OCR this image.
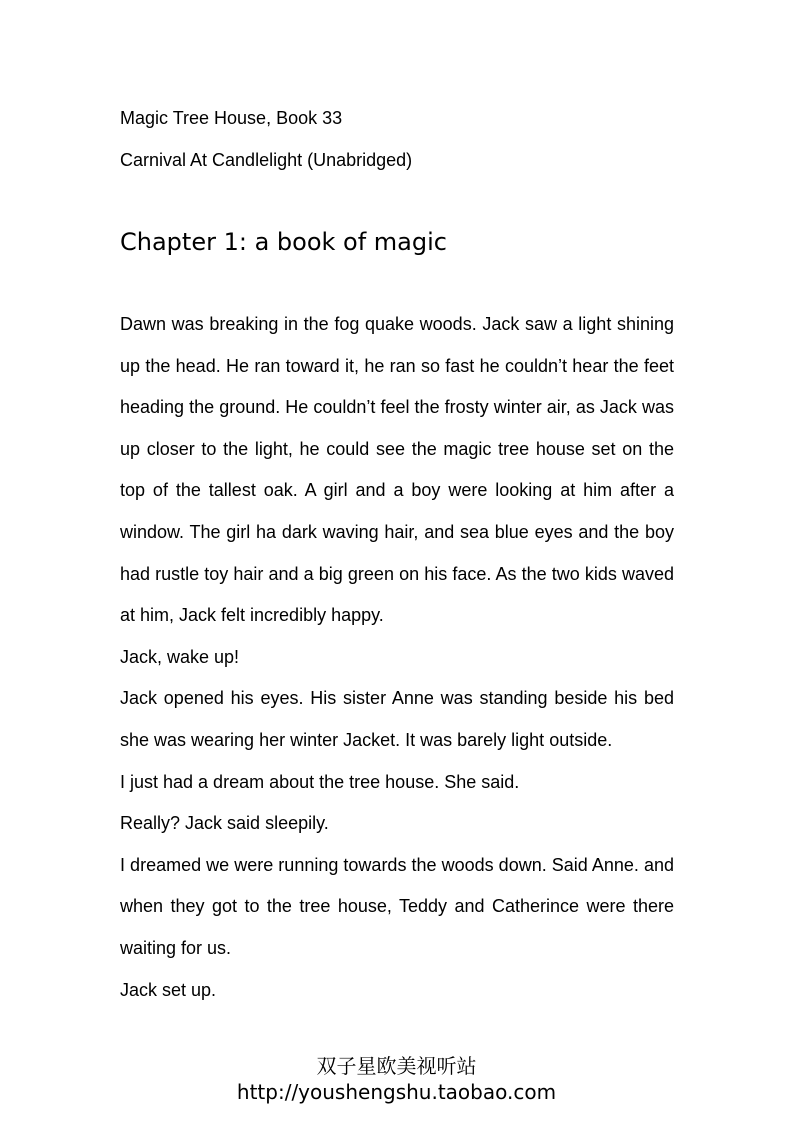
Magic Tree House, Book 33
Carnival At Candlelight (Unabridged)
Chapter 1: a book of magic

Dawn was breaking in the fog quake woods. Jack saw a light shining up the head. He ran toward it, he ran so fast he couldn’t hear the feet heading the ground. He couldn’t feel the frosty winter air, as Jack was up closer to the light, he could see the magic tree house set on the top of the tallest oak. A girl and a boy were looking at him after a window. The girl ha dark waving hair, and sea blue eyes and the boy had rustle toy hair and a big green on his face. As the two kids waved at him, Jack felt incredibly happy.

Jack, wake up!

Jack opened his eyes. His sister Anne was standing beside his bed she was wearing her winter Jacket. It was barely light outside.

I just had a dream about the tree house. She said.

Really? Jack said sleepily.

I dreamed we were running towards the woods down. Said Anne. and when they got to the tree house, Teddy and Catherince were there waiting for us.

Jack set up.

双子星欧美视听站
http://youshengshu.taobao.com
